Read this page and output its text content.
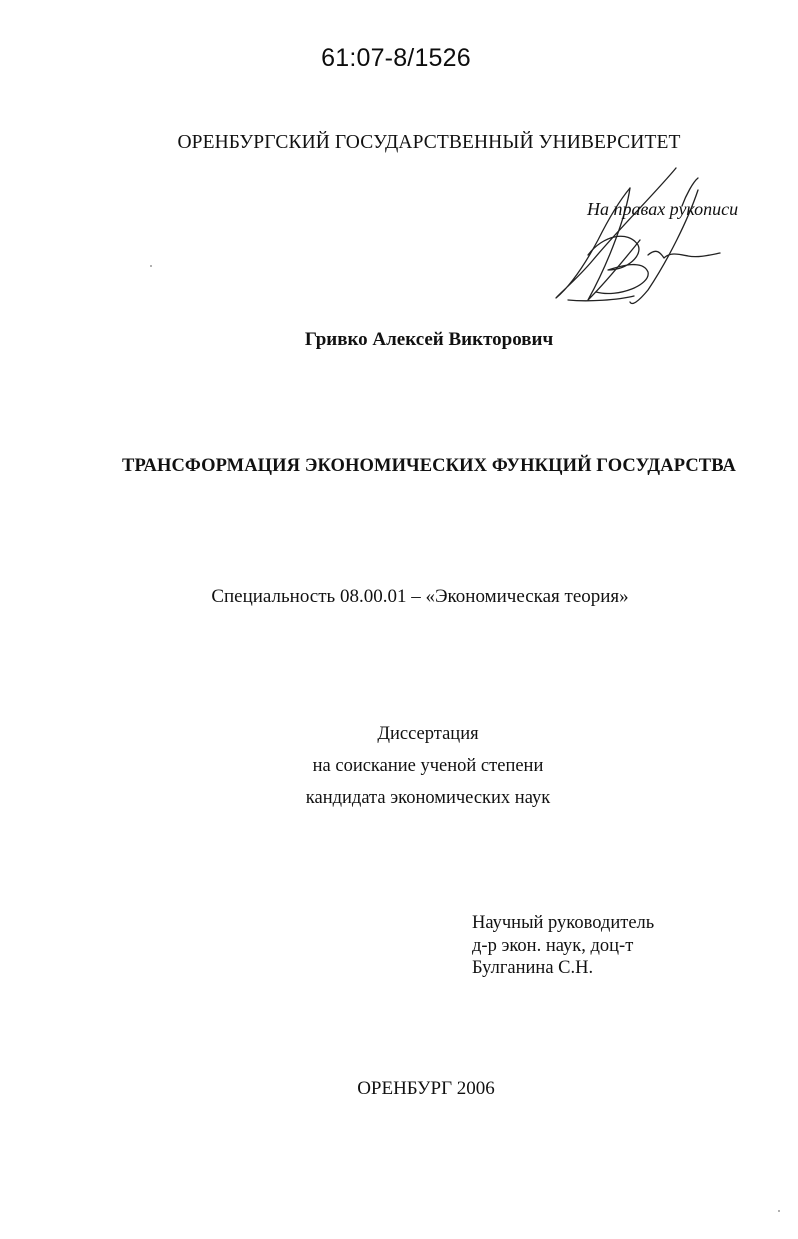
61:07-8/1526
ОРЕНБУРГСКИЙ ГОСУДАРСТВЕННЫЙ УНИВЕРСИТЕТ
На правах рукописи
Гривко Алексей Викторович
ТРАНСФОРМАЦИЯ ЭКОНОМИЧЕСКИХ ФУНКЦИЙ ГОСУДАРСТВА
Специальность 08.00.01 – «Экономическая теория»
Диссертация
на соискание ученой степени
кандидата экономических наук
Научный руководитель
д-р экон. наук, доц-т
Булганина С.Н.
ОРЕНБУРГ 2006
